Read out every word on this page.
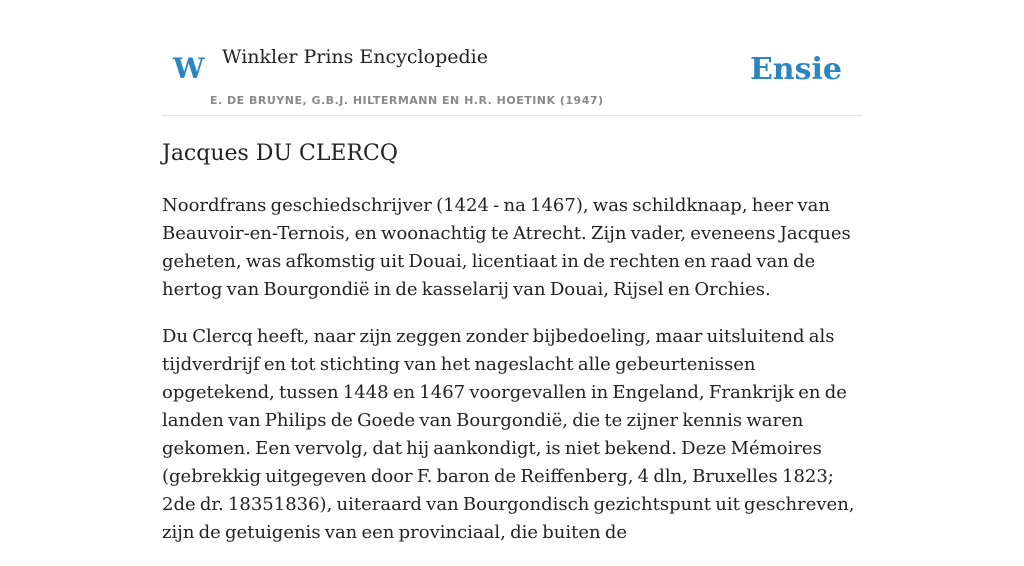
W Winkler Prins Encyclopedie
E. DE BRUYNE, G.B.J. HILTERMANN EN H.R. HOETINK (1947)
Ensie
Jacques DU CLERCQ

Noordfrans geschiedschrijver (1424 - na 1467), was schildknaap, heer van Beauvoir-en-Ternois, en woonachtig te Atrecht. Zijn vader, eveneens Jacques geheten, was afkomstig uit Douai, licentiaat in de rechten en raad van de hertog van Bourgondië in de kasselarij van Douai, Rijsel en Orchies.

Du Clercq heeft, naar zijn zeggen zonder bijbedoeling, maar uitsluitend als tijdverdrijf en tot stichting van het nageslacht alle gebeurtenissen opgetekend, tussen 1448 en 1467 voorgevallen in Engeland, Frankrijk en de landen van Philips de Goede van Bourgondië, die te zijner kennis waren gekomen. Een vervolg, dat hij aankondigt, is niet bekend. Deze Mémoires (gebrekkig uitgegeven door F. baron de Reiffenberg, 4 dln, Bruxelles 1823; 2de dr. 18351836), uiteraard van Bourgondisch gezichtspunt uit geschreven, zijn de getuigenis van een provinciaal, die buiten de
